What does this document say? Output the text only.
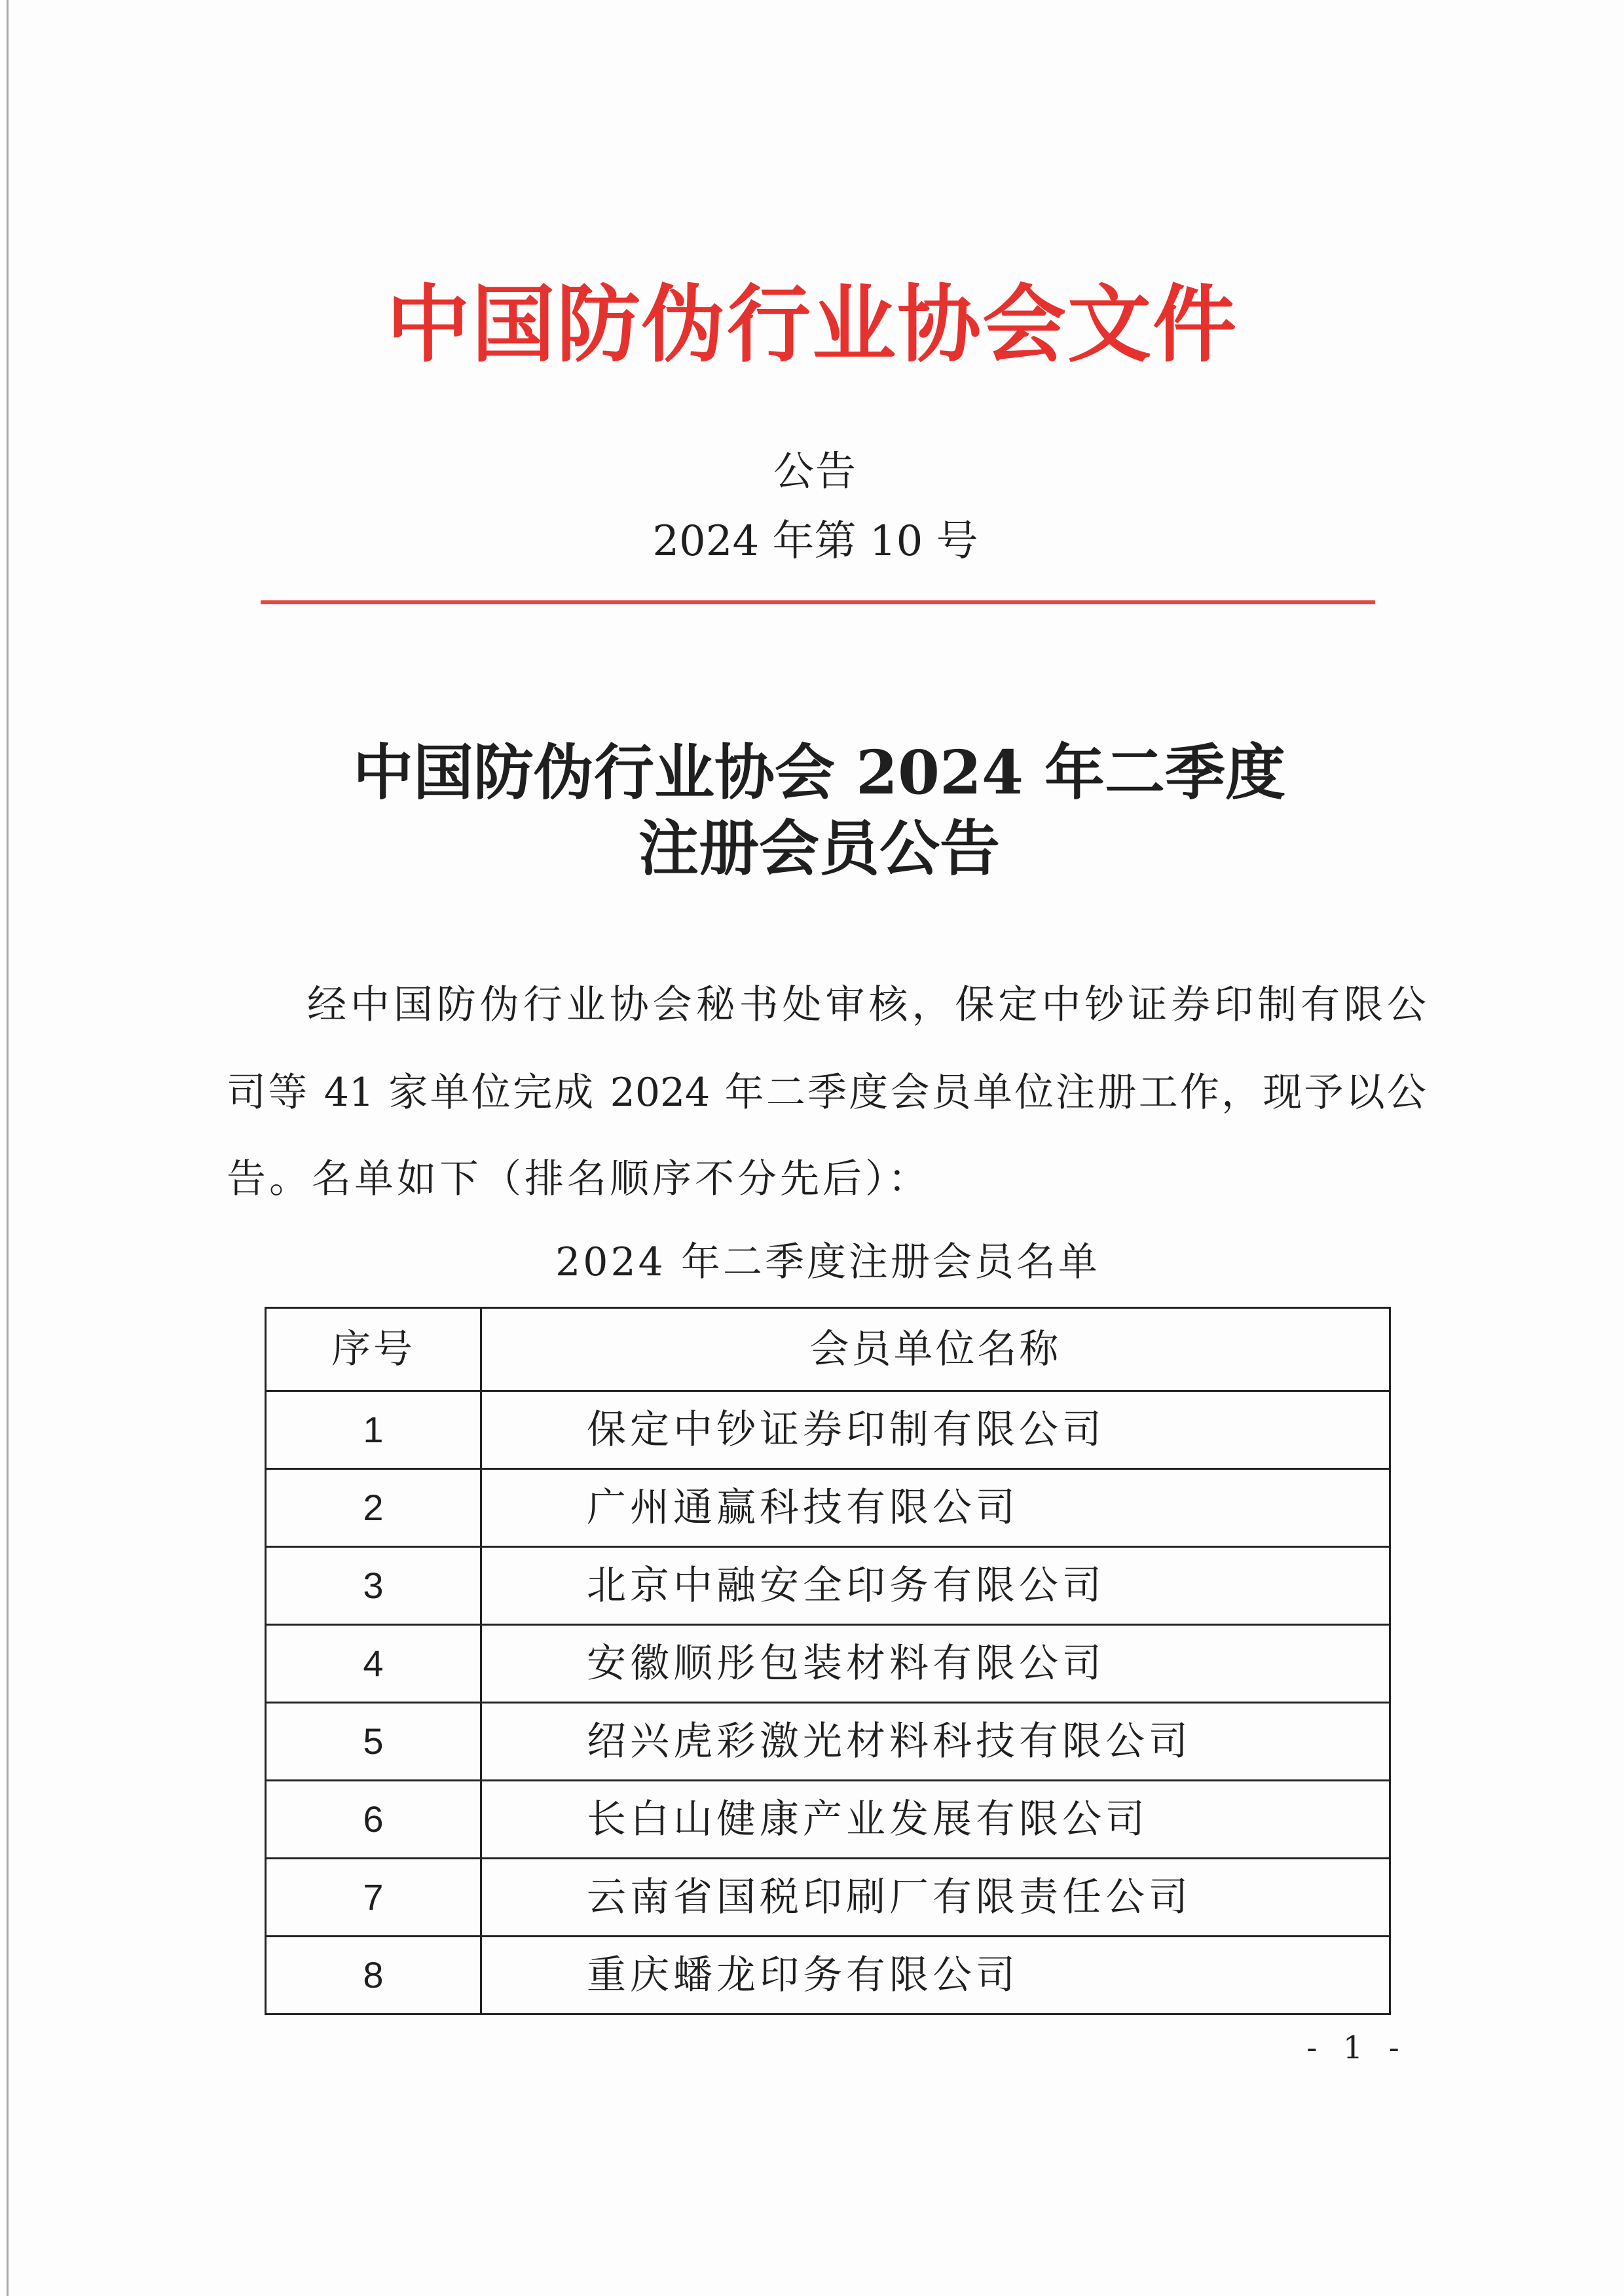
中国防伪行业协会文件
公告
2024 年第 10 号
中国防伪行业协会 2024 年二季度
注册会员公告
经中国防伪行业协会秘书处审核，保定中钞证券印制有限公
司等 41 家单位完成 2024 年二季度会员单位注册工作，现予以公
告。名单如下（排名顺序不分先后）：
2024 年二季度注册会员名单
序号	会员单位名称
1	保定中钞证券印制有限公司
2	广州通赢科技有限公司
3	北京中融安全印务有限公司
4	安徽顺彤包装材料有限公司
5	绍兴虎彩激光材料科技有限公司
6	长白山健康产业发展有限公司
7	云南省国税印刷厂有限责任公司
8	重庆蟠龙印务有限公司
- 1 -
